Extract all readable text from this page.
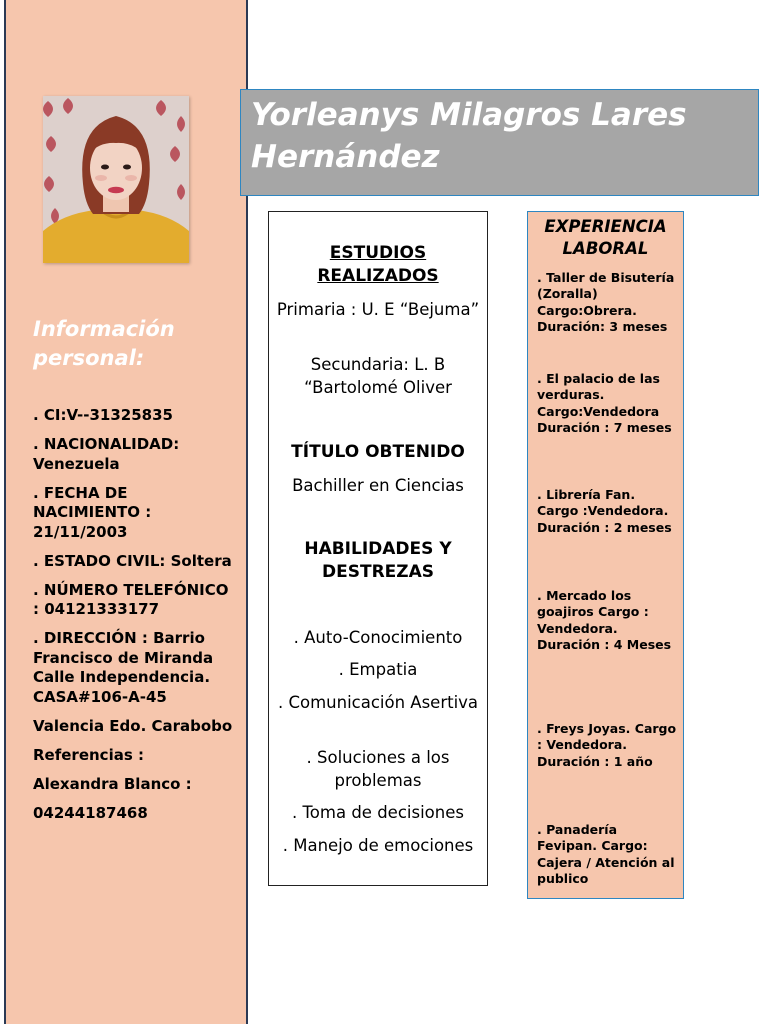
Información personal:
. CI:V--31325835
. NACIONALIDAD: Venezuela
. FECHA DE NACIMIENTO : 21/11/2003
. ESTADO CIVIL: Soltera
. NÚMERO TELEFÓNICO : 04121333177
. DIRECCIÓN : Barrio Francisco de Miranda Calle Independencia. CASA#106-A-45
Valencia Edo. Carabobo
Referencias :
Alexandra Blanco :
04244187468
Yorleanys Milagros Lares Hernández
ESTUDIOS REALIZADOS
Primaria : U. E “Bejuma”
Secundaria: L. B “Bartolomé Oliver
TÍTULO OBTENIDO
Bachiller en Ciencias
HABILIDADES Y DESTREZAS
. Auto-Conocimiento
. Empatia
. Comunicación Asertiva
. Soluciones a los problemas
. Toma de decisiones
. Manejo de emociones
EXPERIENCIA LABORAL
. Taller de Bisutería (Zoralla) Cargo:Obrera. Duración: 3 meses
. El palacio de las verduras. Cargo:Vendedora Duración : 7 meses
. Librería Fan. Cargo :Vendedora. Duración : 2 meses
. Mercado los goajiros Cargo : Vendedora. Duración : 4 Meses
. Freys Joyas. Cargo : Vendedora. Duración : 1 año
. Panadería Fevipan. Cargo: Cajera / Atención al publico
